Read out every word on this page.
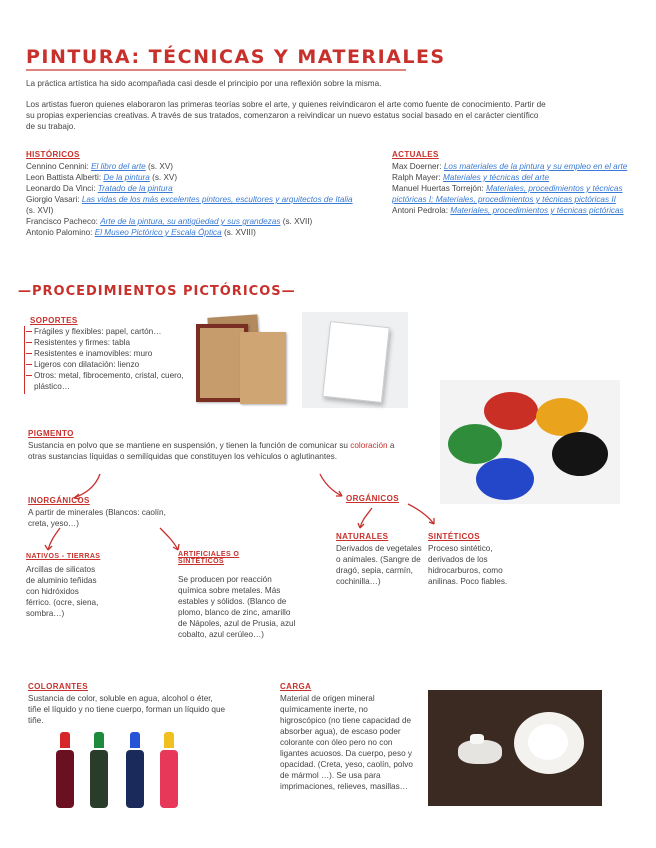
PINTURA: TÉCNICAS Y MATERIALES
La práctica artística ha sido acompañada casi desde el principio por una reflexión sobre la misma.
Los artistas fueron quienes elaboraron las primeras teorías sobre el arte, y quienes reivindicaron el arte como fuente de conocimiento. Partir de su propias experiencias creativas. A través de sus tratados, comenzaron a reivindicar un nuevo estatus social basado en el carácter científico de su trabajo.
HISTÓRICOS
Cennino Cennini: El libro del arte (s. XV)
Leon Battista Alberti: De la pintura (s. XV)
Leonardo Da Vinci: Tratado de la pintura
Giorgio Vasari: Las vidas de los más excelentes pintores, escultores y arquitectos de Italia (s. XVI)
Francisco Pacheco: Arte de la pintura, su antigüedad y sus grandezas (s. XVII)
Antonio Palomino: El Museo Pictórico y Escala Óptica (s. XVIII)
ACTUALES
Max Doerner: Los materiales de la pintura y su empleo en el arte
Ralph Mayer: Materiales y técnicas del arte
Manuel Huertas Torrejón: Materiales, procedimientos y técnicas pictóricas I; Materiales, procedimientos y técnicas pictóricas II
Antoni Pedrola: Materiales, procedimientos y técnicas pictóricas
—PROCEDIMIENTOS PICTÓRICOS—
SOPORTES
Frágiles y flexibles: papel, cartón…
Resistentes y firmes: tabla
Resistentes e inamovibles: muro
Ligeros con dilatación: lienzo
Otros: metal, fibrocemento, cristal, cuero, plástico…
PIGMENTO
Sustancia en polvo que se mantiene en suspensión, y tienen la función de comunicar su coloración a otras sustancias líquidas o semilíquidas que constituyen los vehículos o aglutinantes.
INORGÁNICOS
A partir de minerales (Blancos: caolín, creta, yeso…)
NATIVOS - TIERRAS
Arcillas de silicatos de aluminio teñidas con hidróxidos férrico. (ocre, siena, sombra…)
ARTIFICIALES O SINTÉTICOS
Se producen por reacción química sobre metales. Más estables y sólidos. (Blanco de plomo, blanco de zinc, amarillo de Nápoles, azul de Prusia, azul cobalto, azul cerúleo…)
ORGÁNICOS
NATURALES
Derivados de vegetales o animales. (Sangre de dragó, sepia, carmín, cochinilla…)
SINTÉTICOS
Proceso sintético, derivados de los hidrocarburos, como anilinas. Poco fiables.
COLORANTES
Sustancia de color, soluble en agua, alcohol o éter, tiñe el líquido y no tiene cuerpo, forman un líquido que tiñe.
CARGA
Material de origen mineral químicamente inerte, no higroscópico (no tiene capacidad de absorber agua), de escaso poder colorante con óleo pero no con ligantes acuosos. Da cuerpo, peso y opacidad. (Creta, yeso, caolín, polvo de mármol …). Se usa para imprimaciones, relieves, masillas…
